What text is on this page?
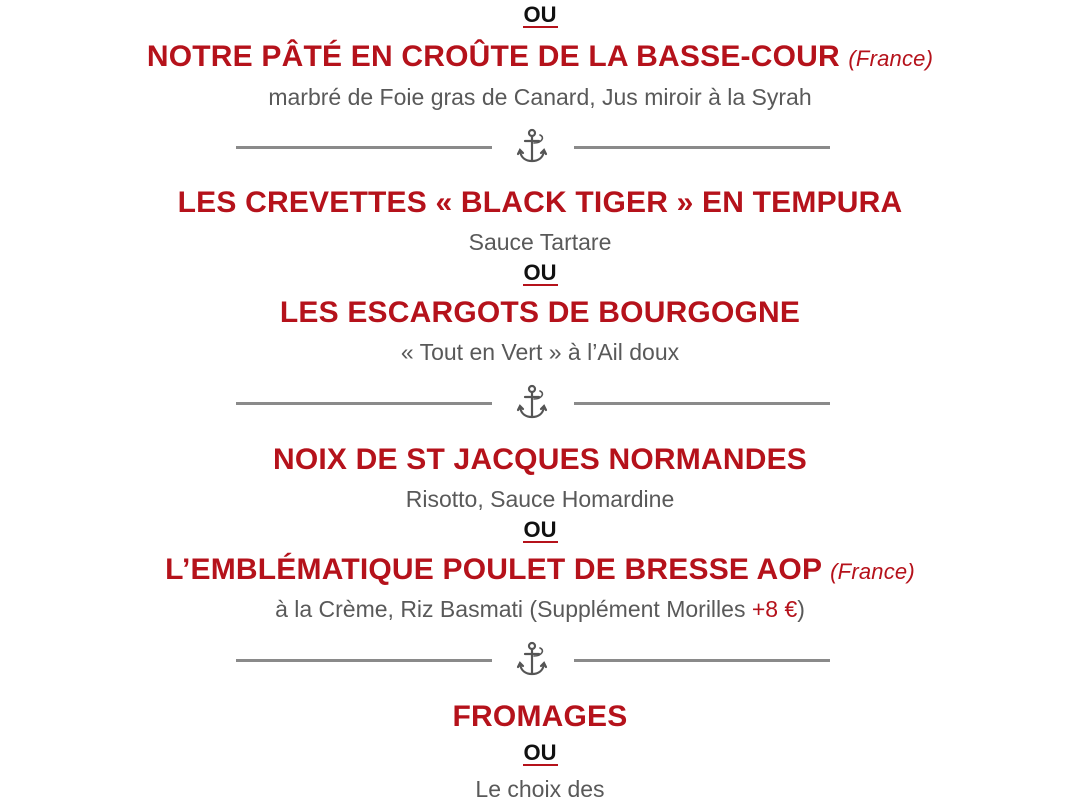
OU
NOTRE PÂTÉ EN CROÛTE DE LA BASSE-COUR (France)
marbré de Foie gras de Canard, Jus miroir à la Syrah
LES CREVETTES « BLACK TIGER » EN TEMPURA
Sauce Tartare
OU
LES ESCARGOTS DE BOURGOGNE
« Tout en Vert » à l’Ail doux
NOIX DE ST JACQUES NORMANDES
Risotto, Sauce Homardine
OU
L’EMBLÉMATIQUE POULET DE BRESSE AOP (France)
à la Crème, Riz Basmati (Supplément Morilles +8 €)
FROMAGES
OU
Le choix des
